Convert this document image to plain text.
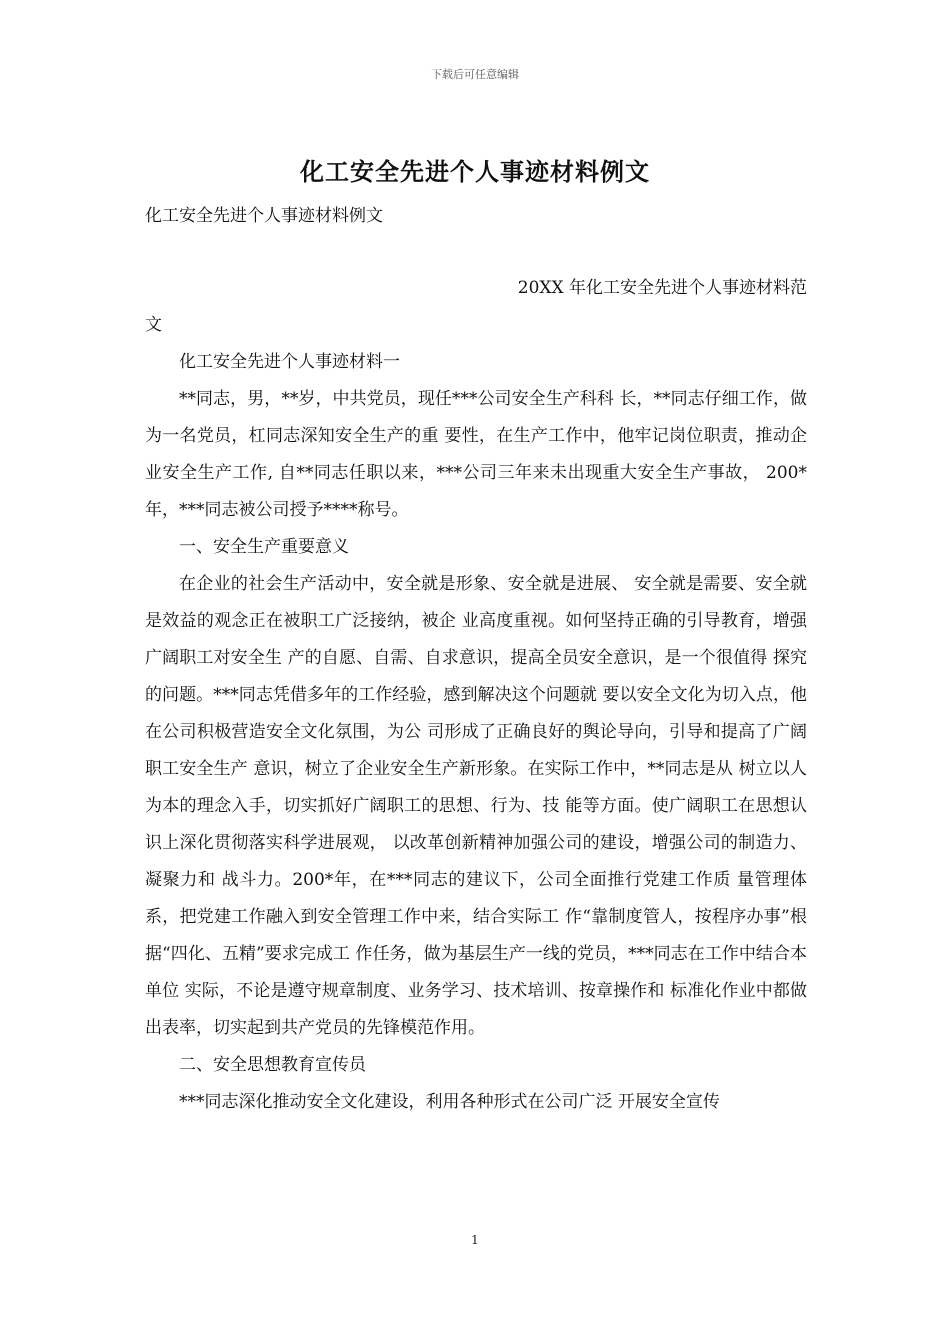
下载后可任意编辑
化工安全先进个人事迹材料例文
化工安全先进个人事迹材料例文

20XX 年化工安全先进个人事迹材料范

文

化工安全先进个人事迹材料一

**同志，男，**岁，中共党员，现任***公司安全生产科科 长，**同志仔细工作，做为一名党员，杠同志深知安全生产的重 要性，在生产工作中，他牢记岗位职责，推动企业安全生产工作, 自**同志任职以来，***公司三年来未出现重大安全生产事故， 200*年，***同志被公司授予****称号。

一、安全生产重要意义

在企业的社会生产活动中，安全就是形象、安全就是进展、 安全就是需要、安全就是效益的观念正在被职工广泛接纳，被企 业高度重视。如何坚持正确的引导教育，增强广阔职工对安全生 产的自愿、自需、自求意识，提高全员安全意识，是一个很值得 探究的问题。***同志凭借多年的工作经验，感到解决这个问题就 要以安全文化为切入点，他在公司积极营造安全文化氛围，为公 司形成了正确良好的舆论导向，引导和提高了广阔职工安全生产 意识，树立了企业安全生产新形象。在实际工作中，**同志是从 树立以人为本的理念入手，切实抓好广阔职工的思想、行为、技 能等方面。使广阔职工在思想认识上深化贯彻落实科学进展观， 以改革创新精神加强公司的建设，增强公司的制造力、凝聚力和 战斗力。200*年，在***同志的建议下，公司全面推行党建工作质 量管理体系，把党建工作融入到安全管理工作中来，结合实际工 作“靠制度管人，按程序办事”根据“四化、五精”要求完成工 作任务，做为基层生产一线的党员，***同志在工作中结合本单位 实际，不论是遵守规章制度、业务学习、技术培训、按章操作和 标准化作业中都做出表率，切实起到共产党员的先锋模范作用。

二、安全思想教育宣传员

***同志深化推动安全文化建设，利用各种形式在公司广泛 开展安全宣传

1
